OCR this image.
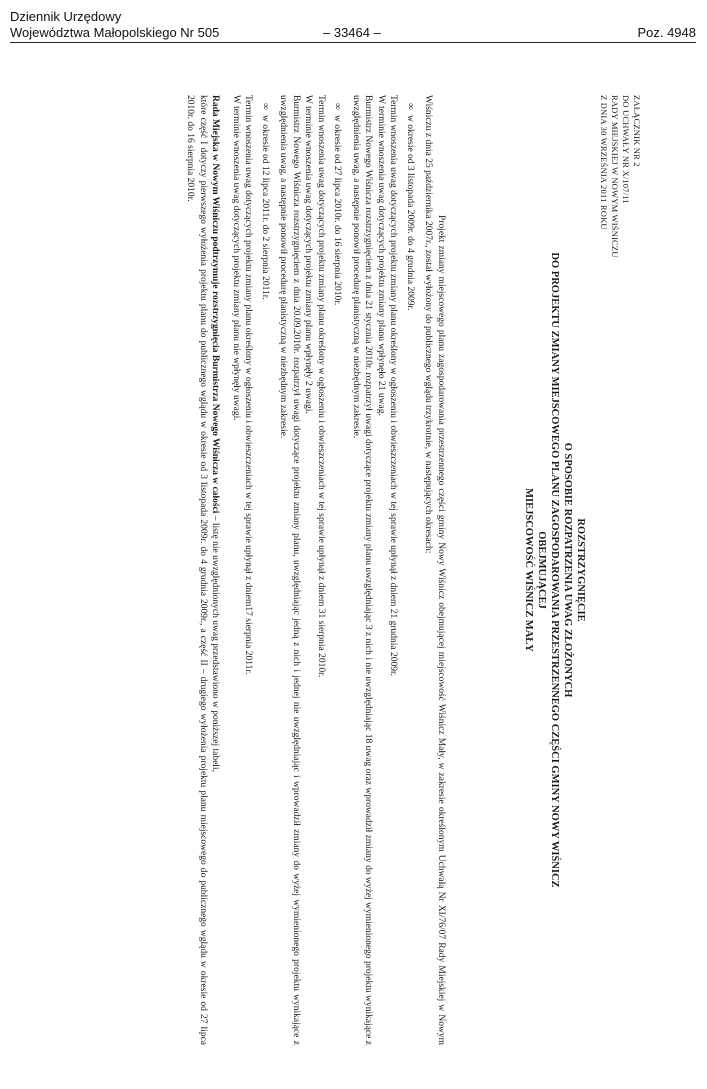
Dziennik Urzędowy
Województwa Małopolskiego Nr 505	Poz. 4948
– 33464 –
ZAŁĄCZNIK NR 2
DO UCHWAŁY NR X/107/11
RADY MIEJSKIEJ W NOWYM WIŚNICZU
Z DNIA 30 WRZEŚNIA 2011 ROKU
ROZSTRZYGNIĘCIE
O SPOSOBIE ROZPATRZENIA UWAG ZŁOŻONYCH
DO PROJEKTU ZMIANY MIEJSCOWEGO PLANU ZAGOSPODAROWANIA PRZESTRZENNEGO CZĘŚCI GMINY NOWY WIŚNICZ
OBEJMUJĄCEJ
MIEJSCOWOŚĆ WIŚNICZ MAŁY

Projekt zmiany miejscowego planu zagospodarowania przestrzennego części gminy Nowy Wiśnicz obejmującej miejscowość Wiśnicz Mały, w zakresie określonym Uchwałą Nr XI/76/07 Rady Miejskiej w Nowym Wiśniczu z dnia 25 października 2007r., został wyłożony do publicznego wglądu trzykrotnie, w następujących okresach:

∞w okresie od 3 listopada 2009r. do 4 grudnia 2009r.

Termin wnoszenia uwag dotyczących projektu zmiany planu określony w ogłoszeniu i obwieszczeniach w tej sprawie upłynął z dniem 21 grudnia 2009r.

W terminie wnoszenia uwag dotyczących projektu zmiany planu wpłynęło 21 uwag.

Burmistrz Nowego Wiśnicza rozstrzygnięciem z dnia 21 stycznia 2010r. rozpatrzył uwagi dotyczące projektu zmiany planu uwzględniając 3 z nich i nie uwzględniając 18 uwag oraz wprowadził zmiany do wyżej wymienionego projektu wynikające z uwzględnienia uwag, a następnie ponowił procedurę planistyczną w niezbędnym zakresie.

∞w okresie od 27 lipca 2010r. do 16 sierpnia 2010r.

Termin wnoszenia uwag dotyczących projektu zmiany planu określony w ogłoszeniu i obwieszczeniach w tej sprawie upłynął z dniem 31 sierpnia 2010r.

W terminie wnoszenia uwag dotyczących projektu zmiany planu wpłynęły 2 uwagi.

Burmistrz Nowego Wiśnicza rozstrzygnięciem z dnia 20.09.2010r. rozpatrzył uwagi dotyczące projektu zmiany planu, uwzględniając jedną z nich i jednej nie uwzględniając i wprowadził zmiany do wyżej wymienionego projektu wynikające z uwzględnienia uwag, a następnie ponowił procedurę planistyczną w niezbędnym zakresie.

∞w okresie od 12 lipca 2011r. do 2 sierpnia 2011r.

Termin wnoszenia uwag dotyczących projektu zmiany planu określony w ogłoszeniu i obwieszczeniach w tej sprawie upłynął z dniem17 sierpnia 2011r.

W terminie wnoszenia uwag dotyczących projektu zmiany planu nie wpłynęły uwagi.

Rada Miejska w Nowym Wiśniczu podtrzymuje rozstrzygnięcia Burmistrza Nowego Wiśnicza w całości – listę nie uwzględnionych uwag przedstawiono w poniższej tabeli,

które część I dotyczy pierwszego wyłożenia projektu planu do publicznego wglądu w okresie od 3 listopada 2009r. do 4 grudnia 2009r., a część II – drugiego wyłożenia projektu planu miejscowego do publicznego wglądu w okresie od 27 lipca 2010r. do 16 sierpnia 2010r.
